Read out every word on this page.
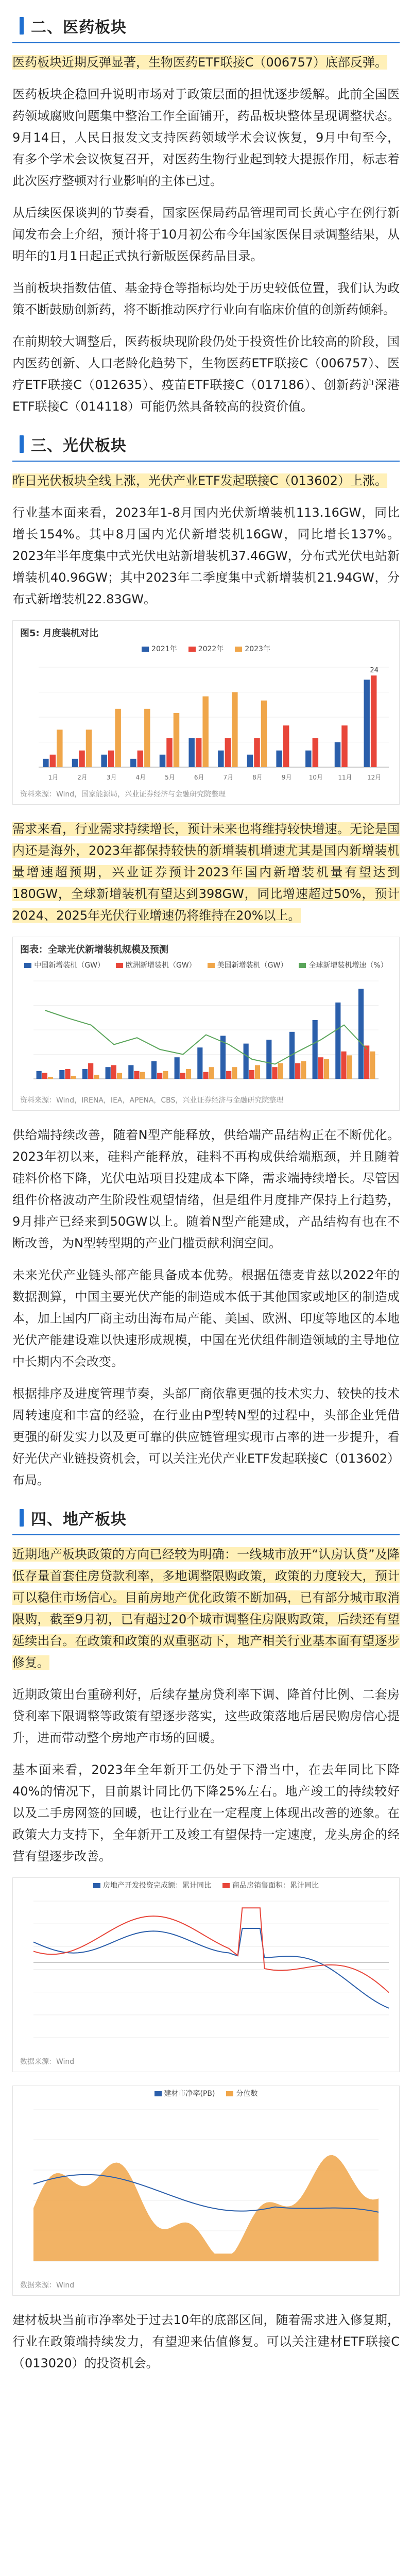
二、医药板块

医药板块近期反弹显著，生物医药ETF联接C（006757）底部反弹。

医药板块企稳回升说明市场对于政策层面的担忧逐步缓解。此前全国医药领域腐败问题集中整治工作全面铺开，药品板块整体呈现调整状态。9月14日，人民日报发文支持医药领域学术会议恢复，9月中旬至今，有多个学术会议恢复召开，对医药生物行业起到较大提振作用，标志着此次医疗整顿对行业影响的主体已过。

从后续医保谈判的节奏看，国家医保局药品管理司司长黄心宇在例行新闻发布会上介绍，预计将于10月初公布今年国家医保目录调整结果，从明年的1月1日起正式执行新版医保药品目录。

当前板块指数估值、基金持仓等指标均处于历史较低位置，我们认为政策不断鼓励创新药，将不断推动医疗行业向有临床价值的创新药倾斜。

在前期较大调整后，医药板块现阶段仍处于投资性价比较高的阶段，国内医药创新、人口老龄化趋势下，生物医药ETF联接C（006757）、医疗ETF联接C（012635）、疫苗ETF联接C（017186）、创新药沪深港ETF联接C（014118）可能仍然具备较高的投资价值。

三、光伏板块

昨日光伏板块全线上涨，光伏产业ETF发起联接C（013602）上涨。

行业基本面来看，2023年1-8月国内光伏新增装机113.16GW，同比增长154%。其中8月国内光伏新增装机16GW，同比增长137%。2023年半年度集中式光伏电站新增装机37.46GW，分布式光伏电站新增装机40.96GW；其中2023年二季度集中式新增装机21.94GW，分布式新增装机22.83GW。

图5: 月度装机对比
2021年	2022年	2023年
1月	2月	3月	4月	5月	6月	7月	8月	9月	10月 11月 12月
24
资料来源：Wind，国家能源局，兴业证券经济与金融研究院整理

需求来看，行业需求持续增长，预计未来也将维持较快增速。无论是国内还是海外，2023年都保持较快的新增装机增速尤其是国内新增装机量增速超预期，兴业证券预计2023年国内新增装机量有望达到180GW，全球新增装机有望达到398GW，同比增速超过50%，预计2024、2025年光伏行业增速仍将维持在20%以上。

图表：全球光伏新增装机规模及预测
中国新增装机（GW）	欧洲新增装机（GW）	美国新增装机（GW）	全球新增装机增速（%）
资料来源：Wind，IRENA，IEA，APENA，CBS，兴业证券经济与金融研究院整理

供给端持续改善，随着N型产能释放，供给端产品结构正在不断优化。2023年初以来，硅料产能释放，硅料不再构成供给端瓶颈，并且随着硅料价格下降，光伏电站项目投建成本下降，需求端持续增长。尽管因组件价格波动产生阶段性观望情绪，但是组件月度排产保持上行趋势，9月排产已经来到50GW以上。随着N型产能建成，产品结构有也在不断改善，为N型转型期的产业门槛贡献利润空间。

未来光伏产业链头部产能具备成本优势。根据伍德麦肯兹以2022年的数据测算，中国主要光伏产能的制造成本低于其他国家或地区的制造成本，加上国内厂商主动出海布局产能、美国、欧洲、印度等地区的本地光伏产能建设难以快速形成规模，中国在光伏组件制造领域的主导地位中长期内不会改变。

根据排序及进度管理节奏，头部厂商依靠更强的技术实力、较快的技术周转速度和丰富的经验，在行业由P型转N型的过程中，头部企业凭借更强的研发实力以及更可靠的供应链管理实现市占率的进一步提升，看好光伏产业链投资机会，可以关注光伏产业ETF发起联接C（013602）布局。

四、地产板块

近期地产板块政策的方向已经较为明确：一线城市放开“认房认贷”及降低存量首套住房贷款利率，多地调整限购政策，政策的力度较大，预计可以稳住市场信心。目前房地产优化政策不断加码，已有部分城市取消限购，截至9月初，已有超过20个城市调整住房限购政策，后续还有望延续出台。在政策和政策的双重驱动下，地产相关行业基本面有望逐步修复。

近期政策出台重磅利好，后续存量房贷利率下调、降首付比例、二套房贷利率下限调整等政策有望逐步落实，这些政策落地后居民购房信心提升，进而带动整个房地产市场的回暖。

基本面来看，2023年全年新开工仍处于下滑当中，在去年同比下降40%的情况下，目前累计同比仍下降25%左右。地产竣工的持续较好以及二手房网签的回暖，也让行业在一定程度上体现出改善的迹象。在政策大力支持下，全年新开工及竣工有望保持一定速度，龙头房企的经营有望逐步改善。

房地产开发投资完成额：累计同比	商品房销售面积：累计同比
数据来源：Wind
建材市净率(PB)	分位数
数据来源：Wind

建材板块当前市净率处于过去10年的底部区间，随着需求进入修复期，行业在政策端持续发力，有望迎来估值修复。可以关注建材ETF联接C（013020）的投资机会。
